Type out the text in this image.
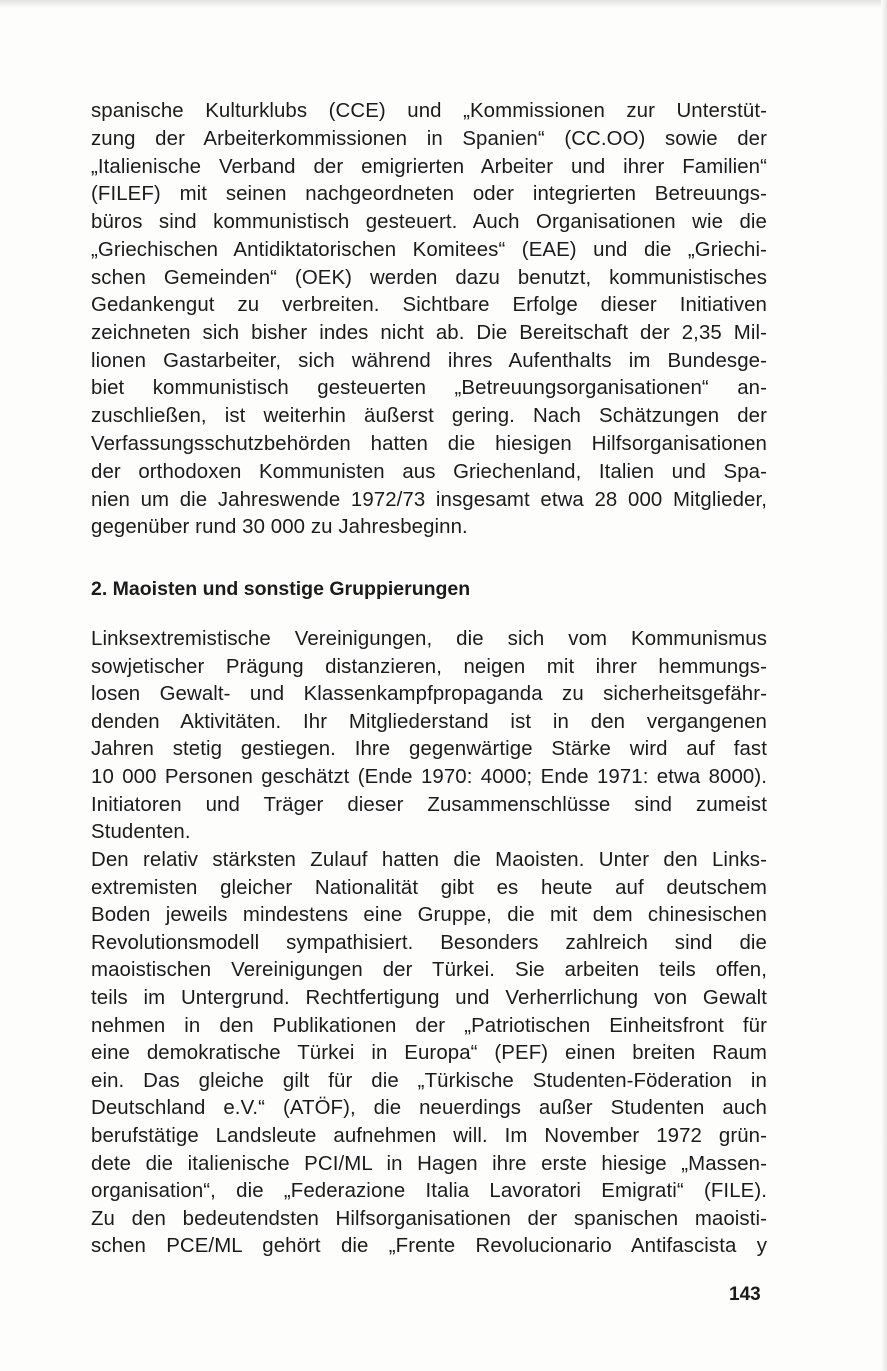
spanische Kulturklubs (CCE) und „Kommissionen zur Unterstüt-
zung der Arbeiterkommissionen in Spanien“ (CC.OO) sowie der
„Italienische Verband der emigrierten Arbeiter und ihrer Familien“
(FILEF) mit seinen nachgeordneten oder integrierten Betreuungs-
büros sind kommunistisch gesteuert. Auch Organisationen wie die
„Griechischen Antidiktatorischen Komitees“ (EAE) und die „Griechi-
schen Gemeinden“ (OEK) werden dazu benutzt, kommunistisches
Gedankengut zu verbreiten. Sichtbare Erfolge dieser Initiativen
zeichneten sich bisher indes nicht ab. Die Bereitschaft der 2,35 Mil-
lionen Gastarbeiter, sich während ihres Aufenthalts im Bundesge-
biet kommunistisch gesteuerten „Betreuungsorganisationen“ an-
zuschließen, ist weiterhin äußerst gering. Nach Schätzungen der
Verfassungsschutzbehörden hatten die hiesigen Hilfsorganisationen
der orthodoxen Kommunisten aus Griechenland, Italien und Spa-
nien um die Jahreswende 1972/73 insgesamt etwa 28 000 Mitglieder,
gegenüber rund 30 000 zu Jahresbeginn.
2. Maoisten und sonstige Gruppierungen
Linksextremistische Vereinigungen, die sich vom Kommunismus
sowjetischer Prägung distanzieren, neigen mit ihrer hemmungs-
losen Gewalt- und Klassenkampfpropaganda zu sicherheitsgefähr-
denden Aktivitäten. Ihr Mitgliederstand ist in den vergangenen
Jahren stetig gestiegen. Ihre gegenwärtige Stärke wird auf fast
10 000 Personen geschätzt (Ende 1970: 4000; Ende 1971: etwa 8000).
Initiatoren und Träger dieser Zusammenschlüsse sind zumeist
Studenten.
Den relativ stärksten Zulauf hatten die Maoisten. Unter den Links-
extremisten gleicher Nationalität gibt es heute auf deutschem
Boden jeweils mindestens eine Gruppe, die mit dem chinesischen
Revolutionsmodell sympathisiert. Besonders zahlreich sind die
maoistischen Vereinigungen der Türkei. Sie arbeiten teils offen,
teils im Untergrund. Rechtfertigung und Verherrlichung von Gewalt
nehmen in den Publikationen der „Patriotischen Einheitsfront für
eine demokratische Türkei in Europa“ (PEF) einen breiten Raum
ein. Das gleiche gilt für die „Türkische Studenten-Föderation in
Deutschland e.V.“ (ATÖF), die neuerdings außer Studenten auch
berufstätige Landsleute aufnehmen will. Im November 1972 grün-
dete die italienische PCI/ML in Hagen ihre erste hiesige „Massen-
organisation“, die „Federazione Italia Lavoratori Emigrati“ (FILE).
Zu den bedeutendsten Hilfsorganisationen der spanischen maoisti-
schen PCE/ML gehört die „Frente Revolucionario Antifascista y
143
